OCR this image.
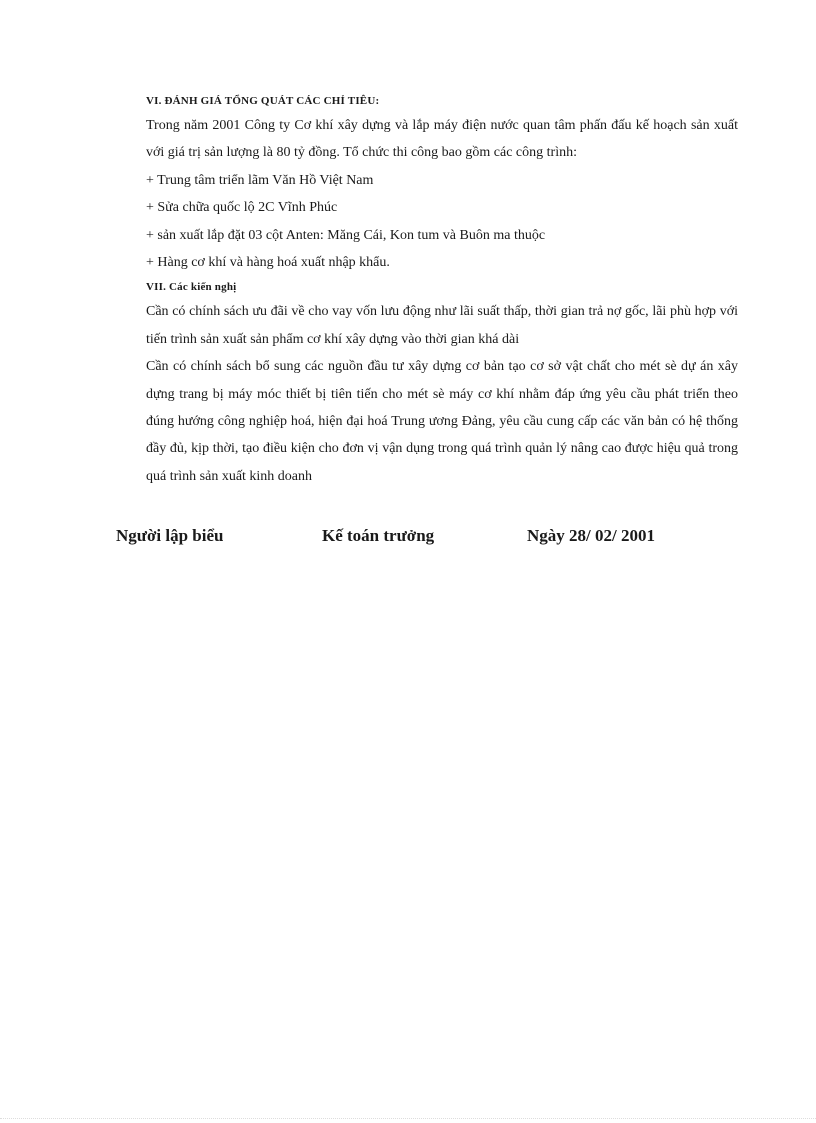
VI. ĐÁNH GIÁ TỔNG QUÁT CÁC CHỈ TIÊU:

Trong năm 2001 Công ty Cơ khí xây dựng và lắp máy điện nước quan tâm phấn đấu kế hoạch sản xuất với giá trị sản lượng là 80 tỷ đồng. Tổ chức thi công bao gồm các công trình:

+ Trung tâm triển lãm Văn Hồ Việt Nam

+ Sửa chữa quốc lộ 2C Vĩnh Phúc

+ sản xuất lắp đặt 03 cột Anten: Măng Cái, Kon tum và Buôn ma thuộc

+ Hàng cơ khí và hàng hoá xuất nhập khẩu.

VII. Các kiến nghị

Cần có chính sách ưu đãi về cho vay vốn lưu động như lãi suất thấp, thời gian trả nợ gốc, lãi phù hợp với tiến trình sản xuất sản phẩm cơ khí xây dựng vào thời gian khá dài

Cần có chính sách bổ sung các nguồn đầu tư xây dựng cơ bản tạo cơ sở vật chất cho mét sè dự án xây dựng trang bị máy móc thiết bị tiên tiến cho mét sè máy cơ khí nhằm đáp ứng yêu cầu phát triển theo đúng hướng công nghiệp hoá, hiện đại hoá Trung ương Đảng, yêu cầu cung cấp các văn bản có hệ thống đầy đủ, kịp thời, tạo điều kiện cho đơn vị vận dụng trong quá trình quản lý nâng cao được hiệu quả trong quá trình sản xuất kinh doanh

Người lập biểu	Kế toán trưởng	Ngày 28/ 02/ 2001
